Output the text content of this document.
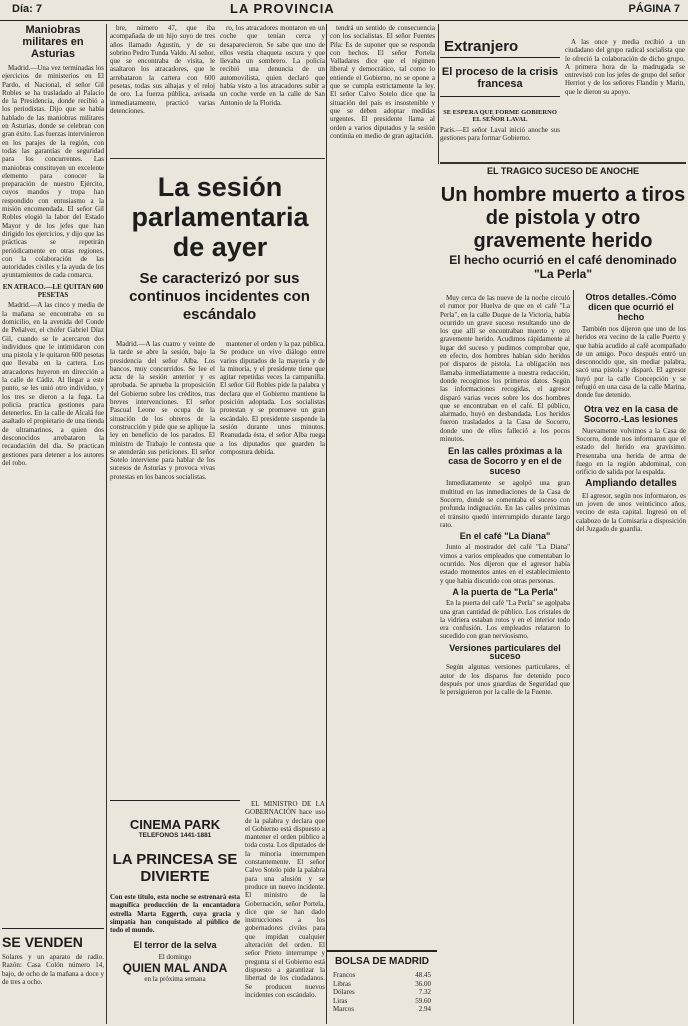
Día: 7	LA PROVINCIA	PÁGINA 7
Maniobras militares en Asturias

Madrid.—Una vez terminadas los ejercicios de ministerios en El Pardo, el Nacional, el señor Gil Robles se ha trasladado al Palacio de la Presidencia, donde recibió a los periodistas. Dijo que se había hablado de las maniobras militares en Asturias, donde se celebran con gran éxito. Las fuerzas intervinieron en los parajes de la región, con todas las garantías de seguridad para los concurrentes. Las maniobras constituyen un excelente elemento para conocer la preparación de nuestro Ejército, cuyos mandos y tropa han respondido con entusiasmo a la misión encomendada. El señor Gil Robles elogió la labor del Estado Mayor y de los jefes que han dirigido los ejercicios, y dijo que las prácticas se repetirán periódicamente en otras regiones, con la colaboración de las autoridades civiles y la ayuda de los ayuntamientos de cada comarca.

EN ATRACO.—LE QUITAN 600 PESETAS

Madrid.—A las cinco y media de la mañana se encontraba en su domicilio, en la avenida del Conde de Peñalver, el chófer Gabriel Díaz Gil, cuando se le acercaron dos individuos que le intimidaron con una pistola y le quitaron 600 pesetas que llevaba en la cartera. Los atracadores huyeron en dirección a la calle de Cádiz. Al llegar a este punto, se les unió otro individuo, y los tres se dieron a la fuga. La policía practica gestiones para detenerlos. En la calle de Alcalá fue asaltado el propietario de una tienda de ultramarinos, a quien dos desconocidos arrebataron la recaudación del día. Se practican gestiones para detener a los autores del robo.

SE VENDEN
Solares y un aparato de radio. Razón: Casa Colón número 14, bajo, de ocho de la mañana a doce y de tres a ocho.

bre, número 47, que iba acompañada de un hijo suyo de tres años llamado Agustín, y de su sobrino Pedro Tunda Valdo. Al señor, que se encontraba de visita, le asaltaron los atracadores, que le arrebataron la cartera con 600 pesetas, todas sus alhajas y el reloj de oro. La fuerza pública, avisada inmediatamente, practicó varias detenciones.

ro, los atracadores montaron en un coche que tenían cerca y desaparecieron. Se sabe que uno de ellos vestía chaqueta oscura y que llevaba un sombrero. La policía recibió una denuncia de un automovilista, quien declaró que había visto a los atracadores subir a un coche verde en la calle de San Antonio de la Florida.

La sesión parlamentaria de ayer
Se caracterizó por sus continuos incidentes con escándalo

Madrid.—A las cuatro y veinte de la tarde se abre la sesión, bajo la presidencia del señor Alba. Los bancos, muy concurridos. Se lee el acta de la sesión anterior y es aprobada. Se aprueba la proposición del Gobierno sobre los créditos, tras breves intervenciones. El señor Pascual Leone se ocupa de la situación de los obreros de la construcción y pide que se aplique la ley en beneficio de los parados. El ministro de Trabajo le contesta que se atenderán sus peticiones. El señor Sotelo interviene para hablar de los sucesos de Asturias y provoca vivas protestas en los bancos socialistas.

mantener el orden y la paz pública. Se produce un vivo diálogo entre varios diputados de la mayoría y de la minoría, y el presidente tiene que agitar repetidas veces la campanilla. El señor Gil Robles pide la palabra y declara que el Gobierno mantiene la posición adoptada. Los socialistas protestan y se promueve un gran escándalo. El presidente suspende la sesión durante unos minutos. Reanudada ésta, el señor Alba ruega a los diputados que guarden la compostura debida.

CINEMA PARK
TELEFONOS 1441-1881
LA PRINCESA SE DIVIERTE
Con este título, esta noche se estrenará esta magnífica producción de la encantadora estrella Marta Eggerth, cuya gracia y simpatía han conquistado al público de todo el mundo.
El terror de la selva
El domingo
QUIEN MAL ANDA
en la próxima semana

EL MINISTRO DE LA GOBERNACIÓN hace uso de la palabra y declara que el Gobierno está dispuesto a mantener el orden público a toda costa. Los diputados de la minoría interrumpen constantemente. El señor Calvo Sotelo pide la palabra para una alusión y se produce un nuevo incidente. El ministro de la Gobernación, señor Portela, dice que se han dado instrucciones a los gobernadores civiles para que impidan cualquier alteración del orden. El señor Prieto interrumpe y pregunta si el Gobierno está dispuesto a garantizar la libertad de los ciudadanos. Se producen nuevos incidentes con escándalo.

tendrá un sentido de consecuencia con los socialistas. El señor Fuentes Pila: Es de suponer que se responda con hechos. El señor Portela Valladares dice que el régimen liberal y democrático, tal como lo entiende el Gobierno, no se opone a que se cumpla estrictamente la ley. El señor Calvo Sotelo dice que la situación del país es insostenible y que se deben adoptar medidas urgentes. El presidente llama al orden a varios diputados y la sesión continúa en medio de gran agitación.

BOLSA DE MADRID
Francos	48.45
Libras	36.00
Dólares	7.32
Liras	59.60
Marcos	2.94
Extranjero
El proceso de la crisis francesa
SE ESPERA QUE FORME GOBIERNO EL SEÑOR LAVAL
París.—El señor Laval inició anoche sus gestiones para formar Gobierno.

A las once y media recibió a un ciudadano del grupo radical socialista que le ofreció la colaboración de dicho grupo. A primera hora de la madrugada se entrevistó con los jefes de grupo del señor Herriot y de los señores Flandin y Marin, que le dieron su apoyo.

EL TRAGICO SUCESO DE ANOCHE
Un hombre muerto a tiros de pistola y otro gravemente herido
El hecho ocurrió en el café denominado "La Perla"

Muy cerca de las nueve de la noche circuló el rumor por Huelva de que en el café "La Perla", en la calle Duque de la Victoria, había ocurrido un grave suceso resultando uno de los que allí se encontraban muerto y otro gravemente herido. Acudimos rápidamente al lugar del suceso y pudimos comprobar que, en efecto, dos hombres habían sido heridos por disparos de pistola. La obligación nos llamaba inmediatamente a nuestra redacción, donde recogimos los primeros datos. Según las informaciones recogidas, el agresor disparó varias veces sobre los dos hombres que se encontraban en el café. El público, alarmado, huyó en desbandada. Los heridos fueron trasladados a la Casa de Socorro, donde uno de ellos falleció a los pocos minutos.

En las calles próximas a la casa de Socorro y en el de suceso

Inmediatamente se agolpó una gran multitud en las inmediaciones de la Casa de Socorro, donde se comentaba el suceso con profunda indignación. En las calles próximas el tránsito quedó interrumpido durante largo rato.

En el café "La Diana"

Junto al mostrador del café "La Diana" vimos a varios empleados que comentaban lo ocurrido. Nos dijeron que el agresor había estado momentos antes en el establecimiento y que había discutido con otras personas.

A la puerta de "La Perla"

En la puerta del café "La Perla" se agolpaba una gran cantidad de público. Los cristales de la vidriera estaban rotos y en el interior todo era confusión. Los empleados relataron lo sucedido con gran nerviosismo.

Versiones particulares del suceso

Según algunas versiones particulares, el autor de los disparos fue detenido poco después por unos guardias de Seguridad que le persiguieron por la calle de la Fuente.

Otros detalles.-Cómo dicen que ocurrió el hecho

También nos dijeron que uno de los heridos era vecino de la calle Puerto y que había acudido al café acompañado de un amigo. Poco después entró un desconocido que, sin mediar palabra, sacó una pistola y disparó. El agresor huyó por la calle Concepción y se refugió en una casa de la calle Marina, donde fue detenido.

Otra vez en la casa de Socorro.-Las lesiones

Nuevamente volvimos a la Casa de Socorro, donde nos informaron que el estado del herido era gravísimo. Presentaba una herida de arma de fuego en la región abdominal, con orificio de salida por la espalda.

Ampliando detalles

El agresor, según nos informaron, es un joven de unos veinticinco años, vecino de esta capital. Ingresó en el calabozo de la Comisaría a disposición del Juzgado de guardia.
